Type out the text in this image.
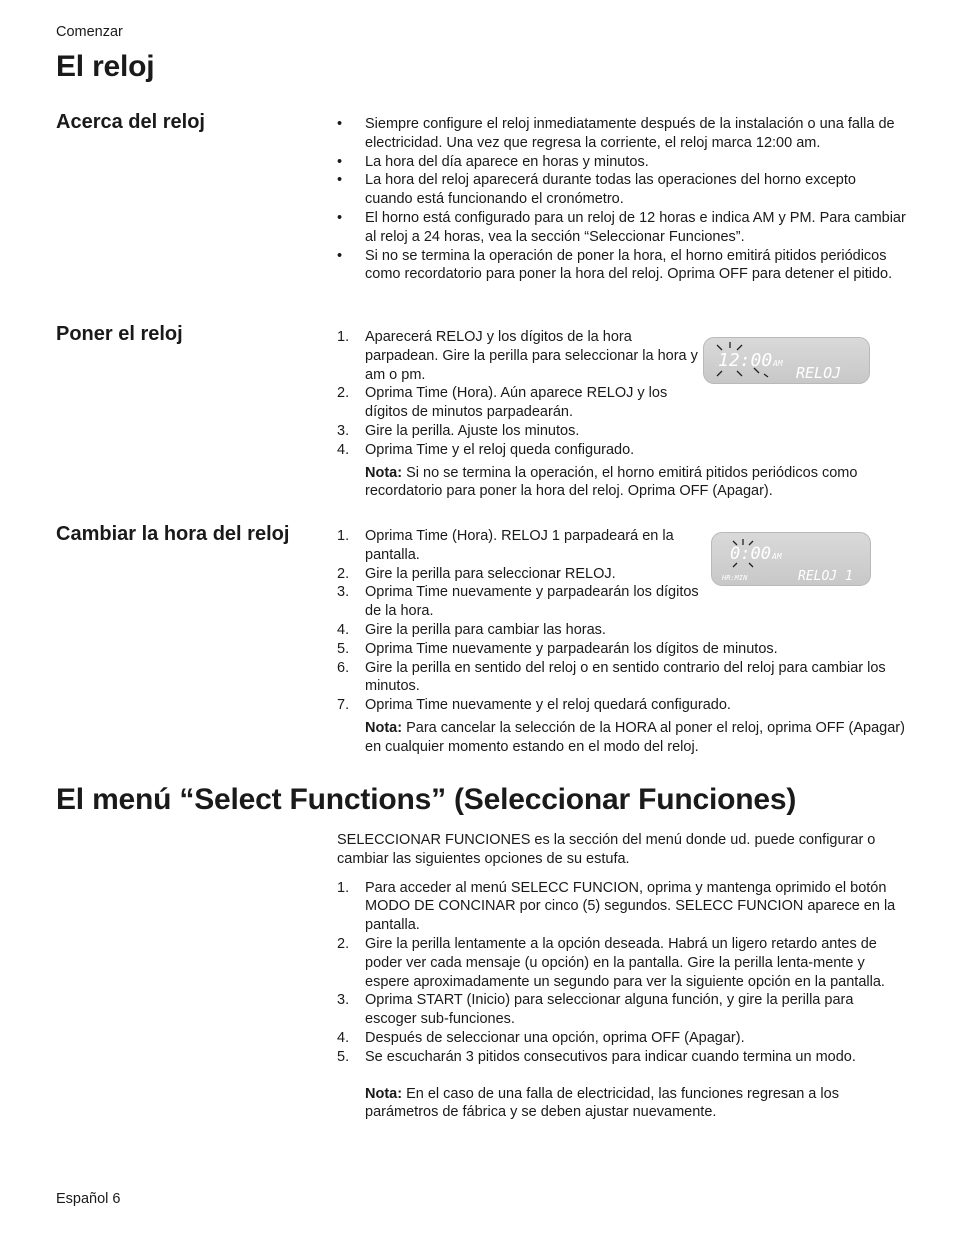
Comenzar
El reloj
Acerca del reloj
•	Siempre configure el reloj inmediatamente después de la instalación o una falla de electricidad. Una vez que regresa la corriente, el reloj marca 12:00 am.
• La hora del día aparece en horas y minutos.
• La hora del reloj aparecerá durante todas las operaciones del horno excepto cuando está funcionando el cronómetro.
• El horno está configurado para un reloj de 12 horas e indica AM y PM. Para cambiar al reloj a 24 horas, vea la sección “Seleccionar Funciones”.
• Si no se termina la operación de poner la hora, el horno emitirá pitidos periódicos como recordatorio para poner la hora del reloj. Oprima OFF para detener el pitido.
Poner el reloj	1. Aparecerá RELOJ y los dígitos de la hora parpadean. Gire la perilla para seleccionar la hora y am o pm.
2. Oprima Time (Hora). Aún aparece RELOJ y los dígitos de minutos parpadearán.
3. Gire la perilla. Ajuste los minutos.
4. Oprima Time y el reloj queda configurado.
Nota: Si no se termina la operación, el horno emitirá pitidos periódicos como recordatorio para poner la hora del reloj. Oprima OFF (Apagar).
12:00 AM
RELOJ
Cambiar la hora del reloj	1. Oprima Time (Hora). RELOJ 1 parpadeará en la pantalla.
2. Gire la perilla para seleccionar RELOJ.
3. Oprima Time nuevamente y parpadearán los dígitos de la hora.
4. Gire la perilla para cambiar las horas.
5. Oprima Time nuevamente y parpadearán los dígitos de minutos.
6. Gire la perilla en sentido del reloj o en sentido contrario del reloj para cambiar los minutos.
7. Oprima Time nuevamente y el reloj quedará configurado.
Nota: Para cancelar la selección de la HORA al poner el reloj, oprima OFF (Apagar) en cualquier momento estando en el modo del reloj.
0:00 AM
HR:MIN	RELOJ 1
El menú “Select Functions” (Seleccionar Funciones)

SELECCIONAR FUNCIONES es la sección del menú donde ud. puede configurar o cambiar las siguientes opciones de su estufa.

1. Para acceder al menú SELECC FUNCION, oprima y mantenga oprimido el botón MODO DE CONCINAR por cinco (5) segundos. SELECC FUNCION aparece en la pantalla.
2. Gire la perilla lentamente a la opción deseada. Habrá un ligero retardo antes de poder ver cada mensaje (u opción) en la pantalla. Gire la perilla lenta-mente y espere aproximadamente un segundo para ver la siguiente opción en la pantalla.
3. Oprima START (Inicio) para seleccionar alguna función, y gire la perilla para escoger sub-funciones.
4. Después de seleccionar una opción, oprima OFF (Apagar).
5. Se escucharán 3 pitidos consecutivos para indicar cuando termina un modo.
Nota: En el caso de una falla de electricidad, las funciones regresan a los parámetros de fábrica y se deben ajustar nuevamente.
Español 6
